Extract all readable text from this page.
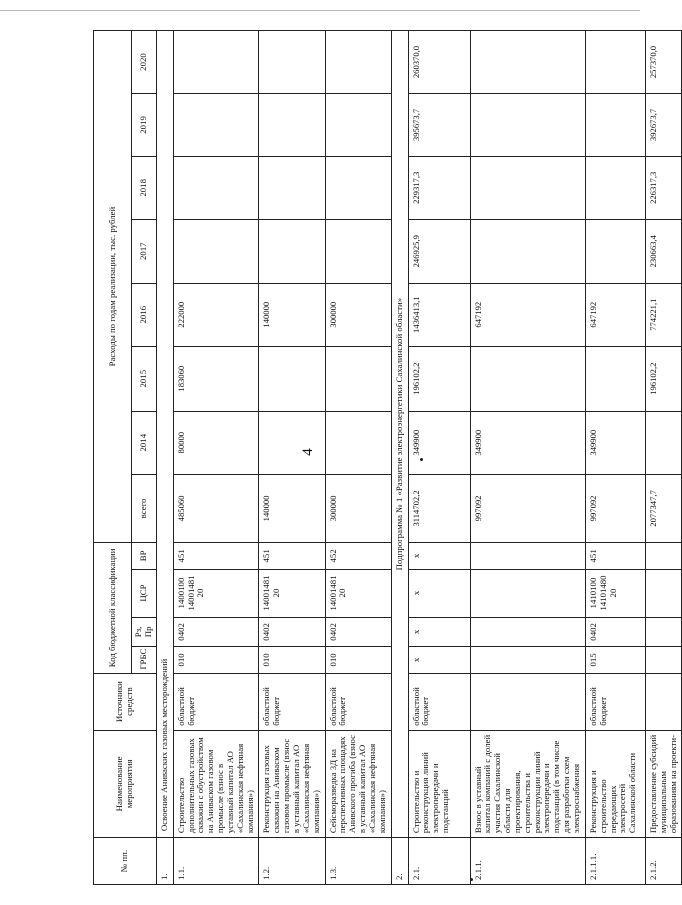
4
№ пп.	Наименование мероприятия	Источники средств	Код бюджетной классификации				Расходы по годам реализации, тыс. рублей							
			ГРБС	Рз, Пр	ЦСР	ВР	всего	2014	2015	2016	2017	2018	2019	2020
1.	Освоение Аниваских газовых месторождений													
1.1.	Строительство дополнительных газовых скважин с обустройством на Аниваском газовом промысле (взнос в уставный капитал АО «Сахалинская нефтяная компания»)	областной бюджет	010	0402	1400100 14001481 20	451	485060	80000	183060	222000				
1.2.	Реконструкция газовых скважин на Аниваском газовом промысле (взнос в уставный капитал АО «Сахалинская нефтяная компания»)	областной бюджет	010	0402	14001481 20	451	140000			140000				
1.3.	Сейсморазведка 3Д на перспективных площадях Анивского прогиба (взнос в уставный капитал АО «Сахалинская нефтяная компания»)	областной бюджет	010	0402	14001481 20	452	300000			300000				
2.	Подпрограмма № 1 «Развитие электроэнергетики Сахалинской области»													
2.1.	Строительство и реконструкция линий электропередачи и подстанций	областной бюджет	x	x	x	x	3114702,2	349900	196102,2	1436413,1	246925,9	229317,3	395673,7	260370,0
2.1.1.	Взнос в уставный капитал компаний с долей участия Сахалинской области для проектирования, строительства и реконструкции линий электропередачи и подстанций (в том числе для разработки схем электроснабжения						997092	349900		647192				
2.1.1.1.	Реконструкция и строительство передающих электросетей Сахалинской области	областной бюджет	015	0402	1410100 14101480 20	451	997092	349900		647192				
2.1.2.	Предоставление субсидий муниципальным образованиям на проекти-						2077347,7		196102,2	774221,1	230663,4	226317,3	392673,7	257370,0
